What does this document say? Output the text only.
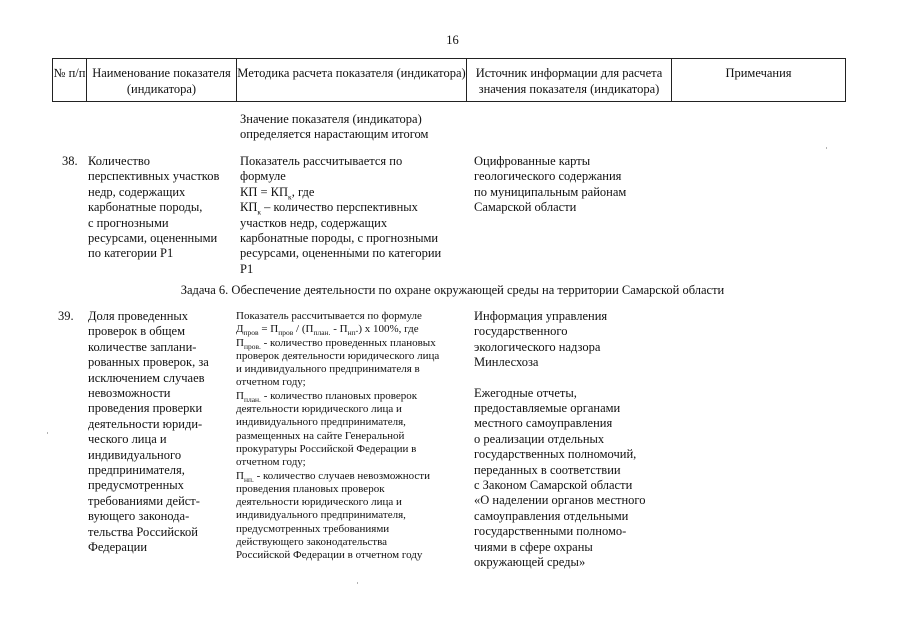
16
№ п/п Наименование показателя (индикатора)
Методика расчета показателя (индикатора) Источник информации для расчета значения показателя (индикатора)
Примечания
Значение показателя (индикатора)
определяется нарастающим итогом
38. Количество
перспективных участков
недр, содержащих
карбонатные породы,
с прогнозными
ресурсами, оцененными
по категории Р1
Показатель рассчитывается по
формуле
КП = $КП_к$, где
$КП_к$ – количество перспективных
участков недр, содержащих
карбонатные породы, с прогнозными
ресурсами, оцененными по категории
Р1
Оцифрованные карты
геологического содержания
по муниципальным районам
Самарской области
Задача 6. Обеспечение деятельности по охране окружающей среды на территории Самарской области
39. Доля проведенных
проверок в общем
количестве заплани-
рованных проверок, за
исключением случаев
невозможности
проведения проверки
деятельности юриди-
ческого лица и
индивидуального
предпринимателя,
предусмотренных
требованиями дейст-
вующего законода-
тельства Российской
Федерации
Показатель рассчитывается по формуле
$Д_{пров} = П_{пров} / (П_{план.} - П_{нп}.)$ х 100%, где
$П_{пров.}$ - количество проведенных плановых
проверок деятельности юридического лица
и индивидуального предпринимателя в
отчетном году;
$П_{план.}$ - количество плановых проверок
деятельности юридического лица и
индивидуального предпринимателя,
размещенных на сайте Генеральной
прокуратуры Российской Федерации в
отчетном году;
$П_{нп.}$ - количество случаев невозможности
проведения плановых проверок
деятельности юридического лица и
индивидуального предпринимателя,
предусмотренных требованиями
действующего законодательства
Российской Федерации в отчетном году
Информация управления
государственного
экологического надзора
Минлесхоза
Ежегодные отчеты,
предоставляемые органами
местного самоуправления
о реализации отдельных
государственных полномочий,
переданных в соответствии
с Законом Самарской области
«О наделении органов местного
самоуправления отдельными
государственными полномо-
чиями в сфере охраны
окружающей среды»
